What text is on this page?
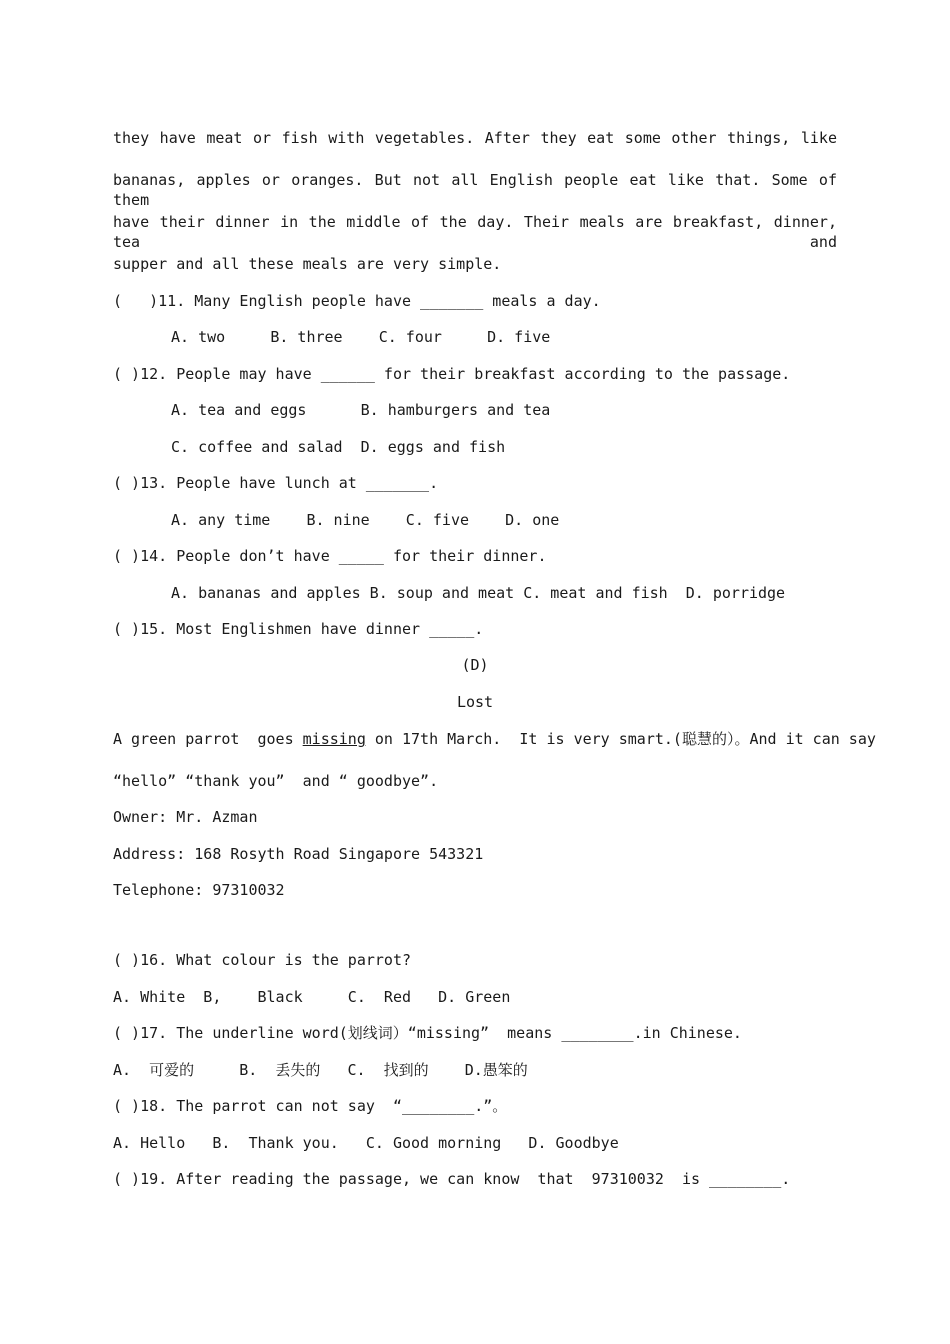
they have meat or fish with vegetables. After they eat some other things, like
bananas, apples or oranges. But not all English people eat like that. Some of them
have their dinner in the middle of the day. Their meals are breakfast, dinner, tea and
supper and all these meals are very simple.
(   )11. Many English people have _______ meals a day.
A. two     B. three    C. four     D. five
( )12. People may have ______ for their breakfast according to the passage.
A. tea and eggs      B. hamburgers and tea
C. coffee and salad  D. eggs and fish
( )13. People have lunch at _______.
A. any time    B. nine    C. five    D. one
( )14. People don’t have _____ for their dinner.
A. bananas and apples B. soup and meat C. meat and fish  D. porridge
( )15. Most Englishmen have dinner _____.
(D)
Lost
A green parrot  goes missing on 17th March.  It is very smart.(聪慧的）。And it can say
“hello” “thank you”  and “ goodbye”.
Owner: Mr. Azman
Address: 168 Rosyth Road Singapore 543321
Telephone: 97310032
( )16. What colour is the parrot?
A. White  B,    Black     C.  Red   D. Green
( )17. The underline word(划线词）“missing”  means ________.in Chinese.
A.  可爱的     B.  丢失的   C.  找到的    D.愚笨的
( )18. The parrot can not say  “________.”。
A. Hello   B.  Thank you.   C. Good morning   D. Goodbye
( )19. After reading the passage, we can know  that  97310032  is ________.
